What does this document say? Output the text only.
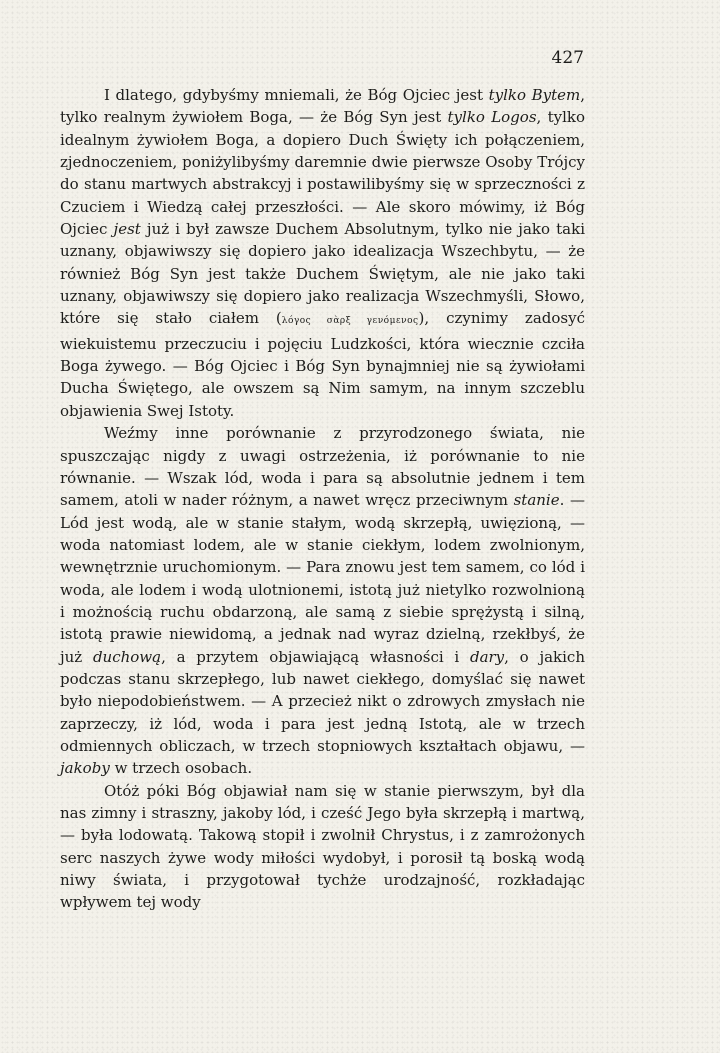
427

I dlatego, gdybyśmy mniemali, że Bóg Ojciec jest tylko Bytem, tylko realnym żywiołem Boga, — że Bóg Syn jest tylko Logos, tylko idealnym żywiołem Boga, a dopiero Duch Święty ich połączeniem, zjednoczeniem, poniżylibyśmy daremnie dwie pierwsze Osoby Trójcy do stanu martwych abstrakcyj i postawilibyśmy się w sprzeczności z Czuciem i Wiedzą całej przeszłości. — Ale skoro mówimy, iż Bóg Ojciec jest już i był zawsze Duchem Absolutnym, tylko nie jako taki uznany, objawiwszy się dopiero jako idealizacja Wszechbytu, — że również Bóg Syn jest także Duchem Świętym, ale nie jako taki uznany, objawiwszy się dopiero jako realizacja Wszechmyśli, Słowo, które się stało ciałem (λόγος σὰρξ γενόμενος), czynimy zadosyć wiekuistemu przeczuciu i pojęciu Ludzkości, która wiecznie czciła Boga żywego. — Bóg Ojciec i Bóg Syn bynajmniej nie są żywiołami Ducha Świętego, ale owszem są Nim samym, na innym szczeblu objawienia Swej Istoty.

Weźmy inne porównanie z przyrodzonego świata, nie spuszczając nigdy z uwagi ostrzeżenia, iż porównanie to nie równanie. — Wszak lód, woda i para są absolutnie jednem i tem samem, atoli w nader różnym, a nawet wręcz przeciwnym stanie. — Lód jest wodą, ale w stanie stałym, wodą skrzepłą, uwięzioną, — woda natomiast lodem, ale w stanie ciekłym, lodem zwolnionym, wewnętrznie uruchomionym. — Para znowu jest tem samem, co lód i woda, ale lodem i wodą ulotnionemi, istotą już nietylko rozwolnioną i możnością ruchu obdarzoną, ale samą z siebie sprężystą i silną, istotą prawie niewidomą, a jednak nad wyraz dzielną, rzekłbyś, że już duchową, a przytem objawiającą własności i dary, o jakich podczas stanu skrzepłego, lub nawet ciekłego, domyślać się nawet było niepodobieństwem. — A przecież nikt o zdrowych zmysłach nie zaprzeczy, iż lód, woda i para jest jedną Istotą, ale w trzech odmiennych obliczach, w trzech stopniowych kształtach objawu, — jakoby w trzech osobach.

Otóż póki Bóg objawiał nam się w stanie pierwszym, był dla nas zimny i straszny, jakoby lód, i cześć Jego była skrzepłą i martwą, — była lodowatą. Takową stopił i zwolnił Chrystus, i z zamrożonych serc naszych żywe wody miłości wydobył, i porosił tą boską wodą niwy świata, i przygotował tychże urodzajność, rozkładając wpływem tej wody
